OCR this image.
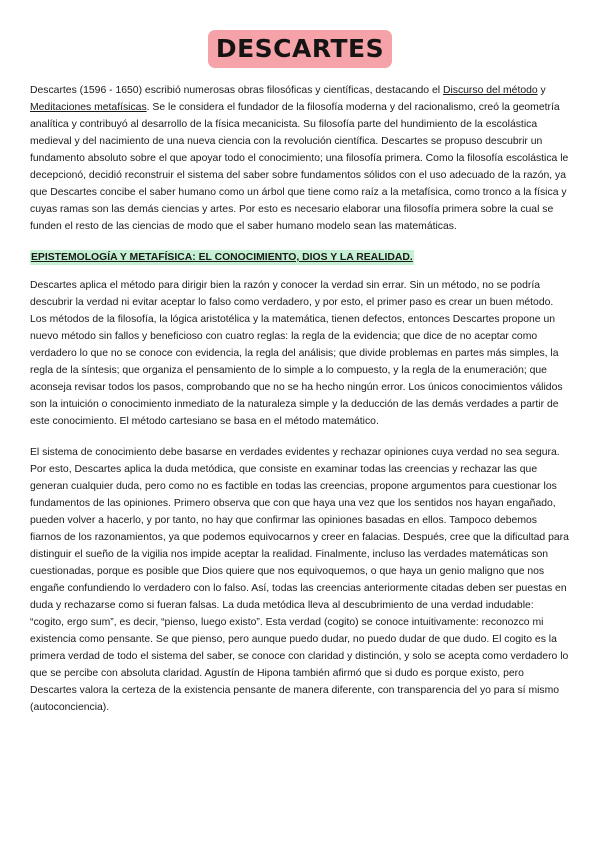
DESCARTES

Descartes (1596 - 1650) escribió numerosas obras filosóficas y científicas, destacando el Discurso del método y Meditaciones metafísicas. Se le considera el fundador de la filosofía moderna y del racionalismo, creó la geometría analítica y contribuyó al desarrollo de la física mecanicista. Su filosofía parte del hundimiento de la escolástica medieval y del nacimiento de una nueva ciencia con la revolución científica. Descartes se propuso descubrir un fundamento absoluto sobre el que apoyar todo el conocimiento; una filosofía primera. Como la filosofía escolástica le decepcionó, decidió reconstruir el sistema del saber sobre fundamentos sólidos con el uso adecuado de la razón, ya que Descartes concibe el saber humano como un árbol que tiene como raíz a la metafísica, como tronco a la física y cuyas ramas son las demás ciencias y artes. Por esto es necesario elaborar una filosofía primera sobre la cual se funden el resto de las ciencias de modo que el saber humano modelo sean las matemáticas.

EPISTEMOLOGÍA Y METAFÍSICA: EL CONOCIMIENTO, DIOS Y LA REALIDAD.

Descartes aplica el método para dirigir bien la razón y conocer la verdad sin errar. Sin un método, no se podría descubrir la verdad ni evitar aceptar lo falso como verdadero, y por esto, el primer paso es crear un buen método. Los métodos de la filosofía, la lógica aristotélica y la matemática, tienen defectos, entonces Descartes propone un nuevo método sin fallos y beneficioso con cuatro reglas: la regla de la evidencia; que dice de no aceptar como verdadero lo que no se conoce con evidencia, la regla del análisis; que divide problemas en partes más simples, la regla de la síntesis; que organiza el pensamiento de lo simple a lo compuesto, y la regla de la enumeración; que aconseja revisar todos los pasos, comprobando que no se ha hecho ningún error. Los únicos conocimientos válidos son la intuición o conocimiento inmediato de la naturaleza simple y la deducción de las demás verdades a partir de este conocimiento. El método cartesiano se basa en el método matemático.

El sistema de conocimiento debe basarse en verdades evidentes y rechazar opiniones cuya verdad no sea segura. Por esto, Descartes aplica la duda metódica, que consiste en examinar todas las creencias y rechazar las que generan cualquier duda, pero como no es factible en todas las creencias, propone argumentos para cuestionar los fundamentos de las opiniones. Primero observa que con que haya una vez que los sentidos nos hayan engañado, pueden volver a hacerlo, y por tanto, no hay que confirmar las opiniones basadas en ellos. Tampoco debemos fiarnos de los razonamientos, ya que podemos equivocarnos y creer en falacias. Después, cree que la dificultad para distinguir el sueño de la vigilia nos impide aceptar la realidad. Finalmente, incluso las verdades matemáticas son cuestionadas, porque es posible que Dios quiere que nos equivoquemos, o que haya un genio maligno que nos engañe confundiendo lo verdadero con lo falso. Así, todas las creencias anteriormente citadas deben ser puestas en duda y rechazarse como si fueran falsas. La duda metódica lleva al descubrimiento de una verdad indudable: “cogito, ergo sum”, es decir, “pienso, luego existo”. Esta verdad (cogito) se conoce intuitivamente: reconozco mi existencia como pensante. Se que pienso, pero aunque puedo dudar, no puedo dudar de que dudo. El cogito es la primera verdad de todo el sistema del saber, se conoce con claridad y distinción, y solo se acepta como verdadero lo que se percibe con absoluta claridad. Agustín de Hipona también afirmó que si dudo es porque existo, pero Descartes valora la certeza de la existencia pensante de manera diferente, con transparencia del yo para sí mismo (autoconciencia).
